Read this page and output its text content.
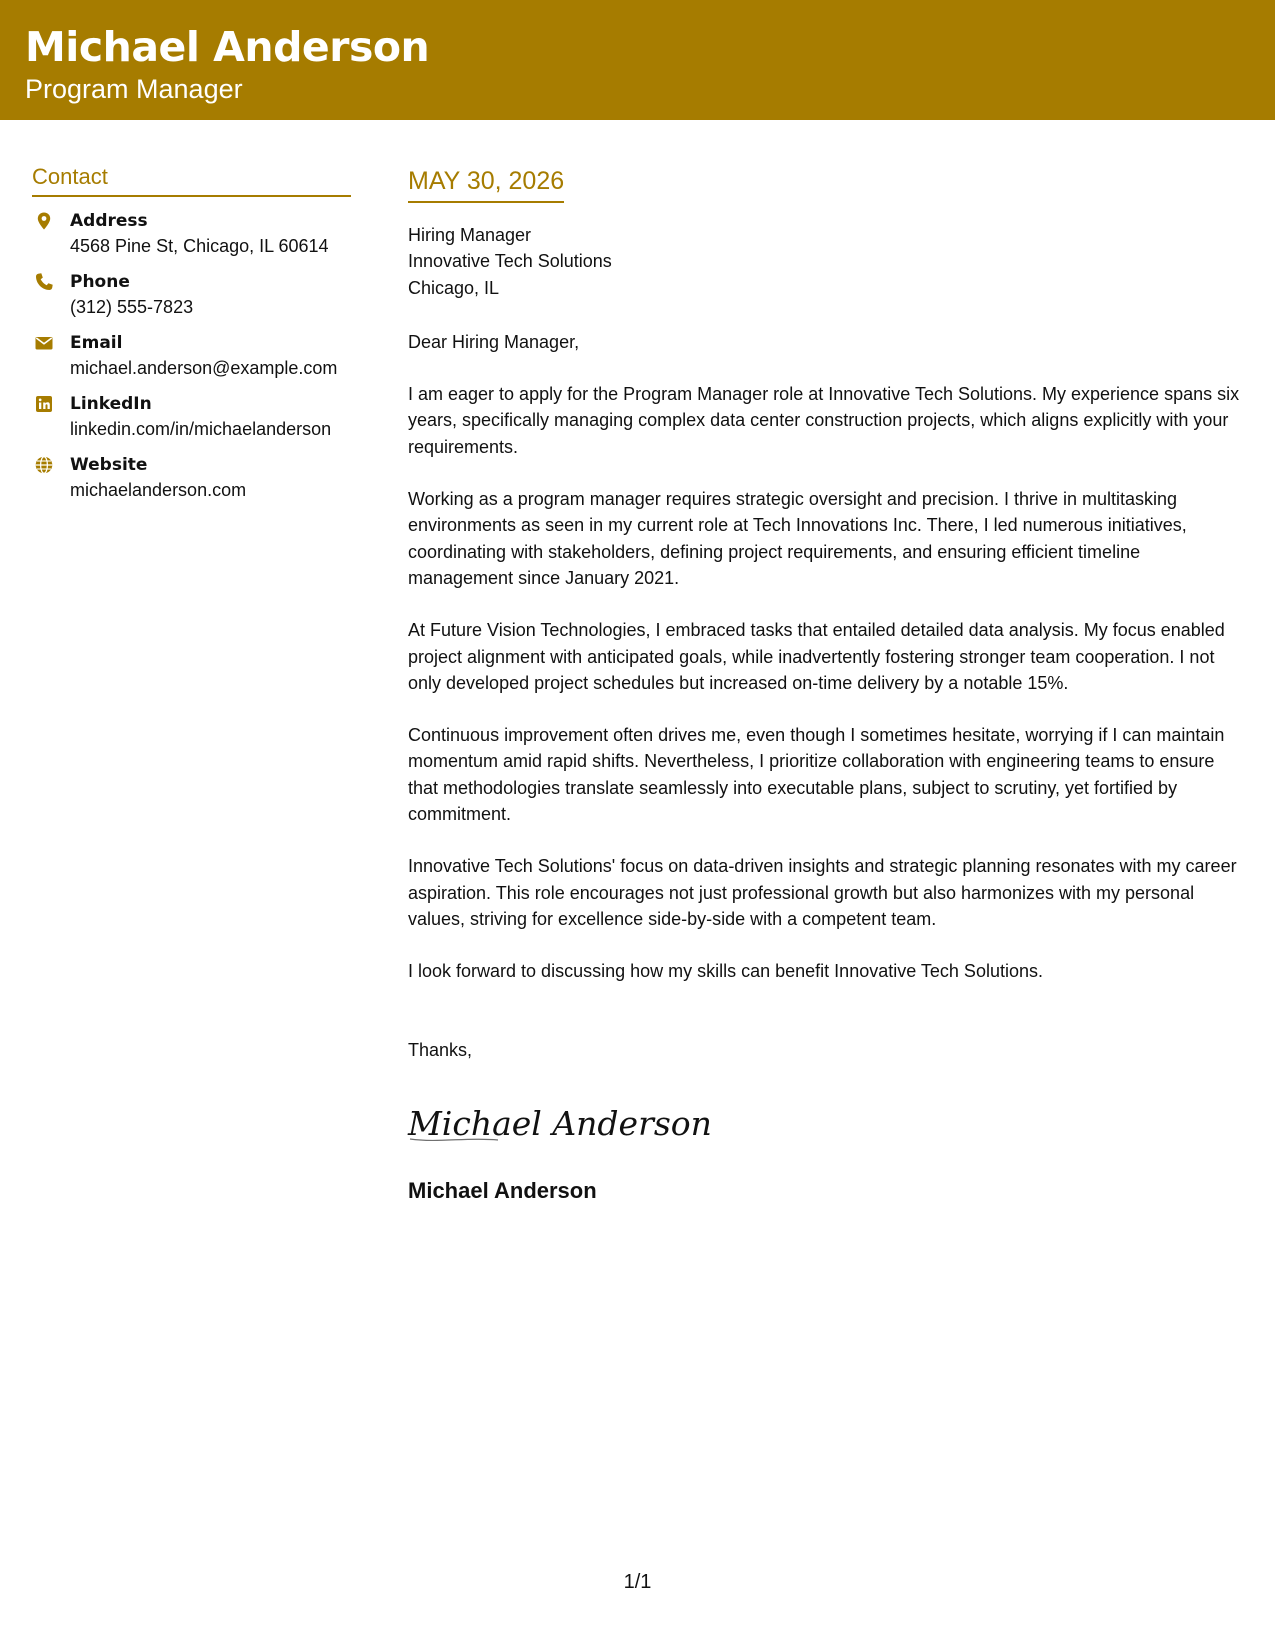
Michael Anderson
Program Manager
Contact
Address
4568 Pine St, Chicago, IL 60614
Phone
(312) 555-7823
Email
michael.anderson@example.com
LinkedIn
linkedin.com/in/michaelanderson
Website
michaelanderson.com
MAY 30, 2026
Hiring Manager
Innovative Tech Solutions
Chicago, IL
Dear Hiring Manager,

I am eager to apply for the Program Manager role at Innovative Tech Solutions. My experience spans six years, specifically managing complex data center construction projects, which aligns explicitly with your requirements.

Working as a program manager requires strategic oversight and precision. I thrive in multitasking environments as seen in my current role at Tech Innovations Inc. There, I led numerous initiatives, coordinating with stakeholders, defining project requirements, and ensuring efficient timeline management since January 2021.

At Future Vision Technologies, I embraced tasks that entailed detailed data analysis. My focus enabled project alignment with anticipated goals, while inadvertently fostering stronger team cooperation. I not only developed project schedules but increased on-time delivery by a notable 15%.

Continuous improvement often drives me, even though I sometimes hesitate, worrying if I can maintain momentum amid rapid shifts. Nevertheless, I prioritize collaboration with engineering teams to ensure that methodologies translate seamlessly into executable plans, subject to scrutiny, yet fortified by commitment.

Innovative Tech Solutions' focus on data-driven insights and strategic planning resonates with my career aspiration. This role encourages not just professional growth but also harmonizes with my personal values, striving for excellence side-by-side with a competent team.

I look forward to discussing how my skills can benefit Innovative Tech Solutions.

Thanks,
Michael Anderson
Michael Anderson
1/1
